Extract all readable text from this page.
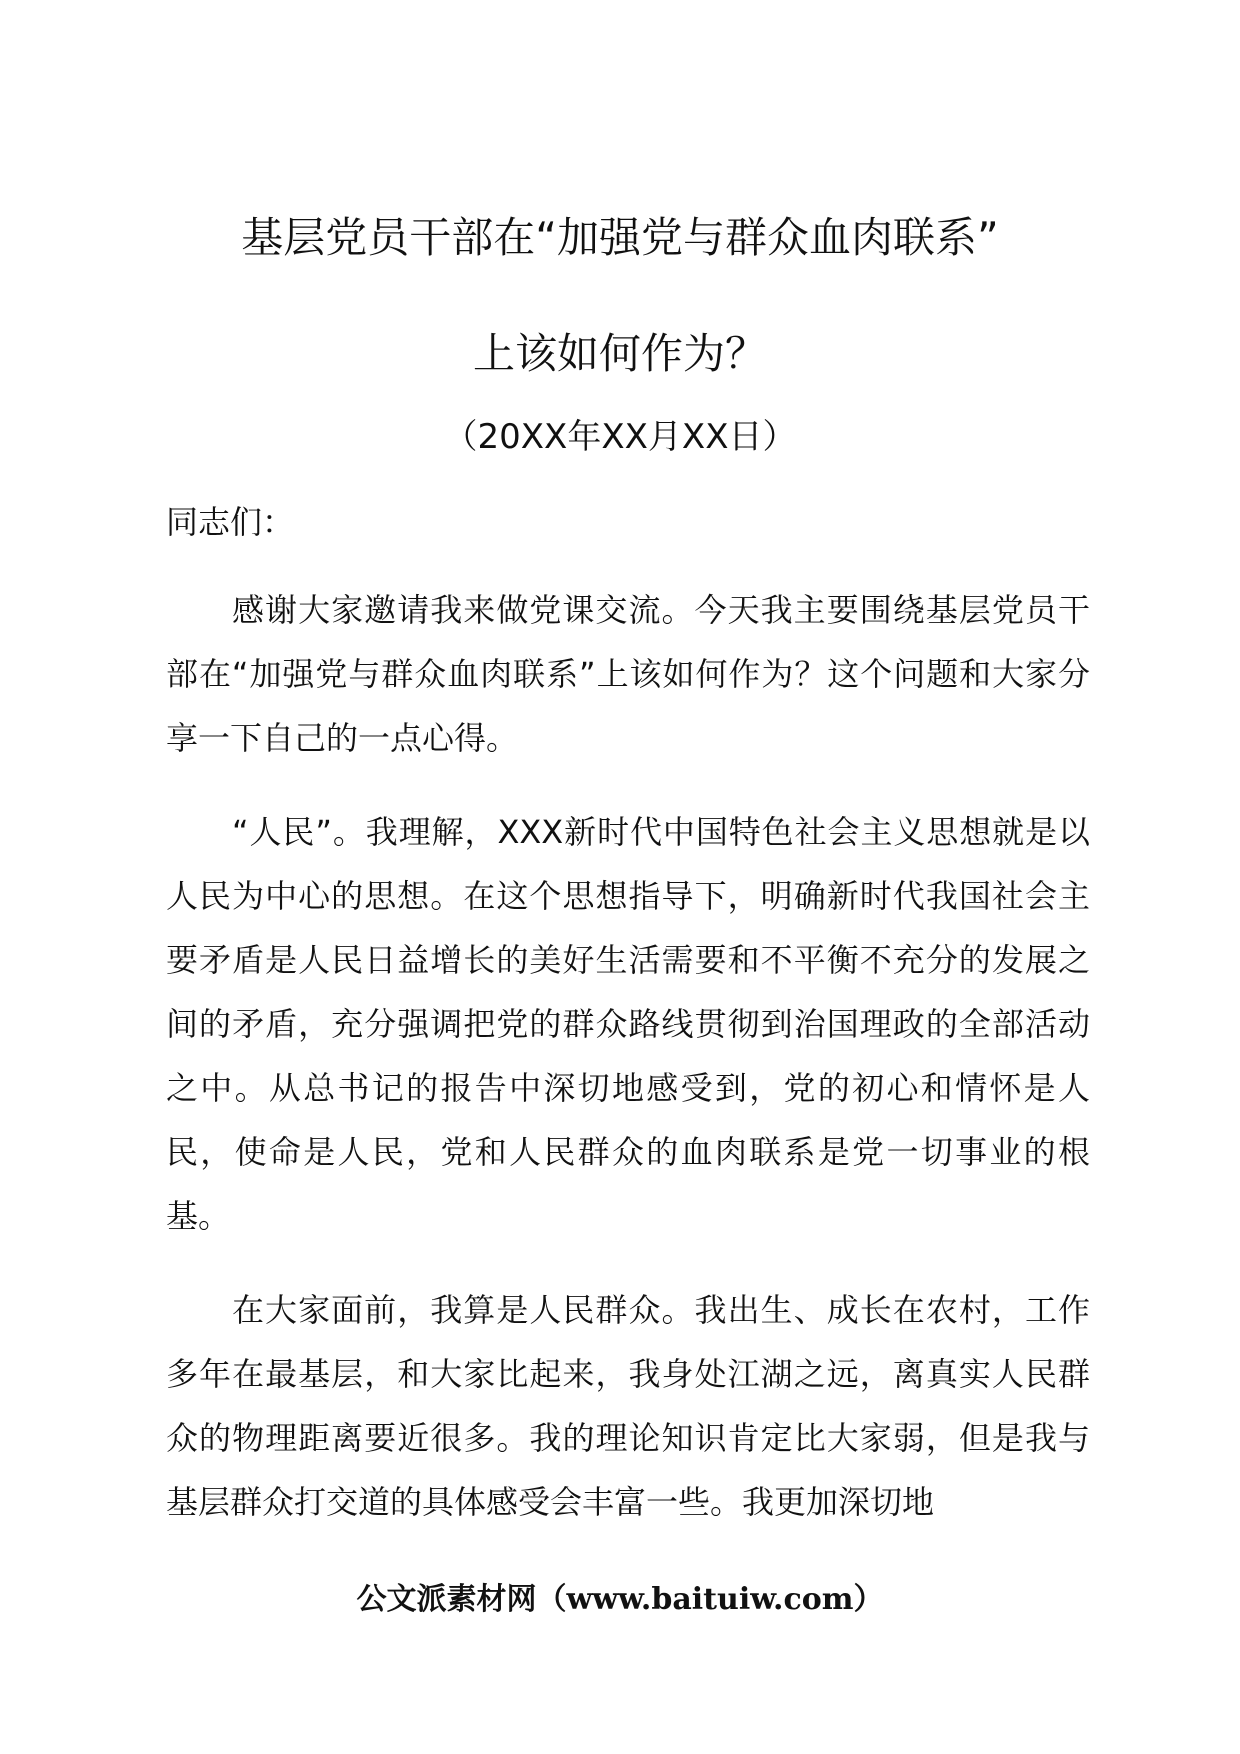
基层党员干部在“加强党与群众血肉联系”
上该如何作为？
（20XX年XX月XX日）

同志们：

感谢大家邀请我来做党课交流。今天我主要围绕基层党员干部在“加强党与群众血肉联系”上该如何作为？这个问题和大家分享一下自己的一点心得。

“人民”。我理解，XXX新时代中国特色社会主义思想就是以人民为中心的思想。在这个思想指导下，明确新时代我国社会主要矛盾是人民日益增长的美好生活需要和不平衡不充分的发展之间的矛盾，充分强调把党的群众路线贯彻到治国理政的全部活动之中。从总书记的报告中深切地感受到，党的初心和情怀是人民，使命是人民，党和人民群众的血肉联系是党一切事业的根基。

在大家面前，我算是人民群众。我出生、成长在农村，工作多年在最基层，和大家比起来，我身处江湖之远，离真实人民群众的物理距离要近很多。我的理论知识肯定比大家弱，但是我与基层群众打交道的具体感受会丰富一些。我更加深切地

公文派素材网（www.baituiw.com）
